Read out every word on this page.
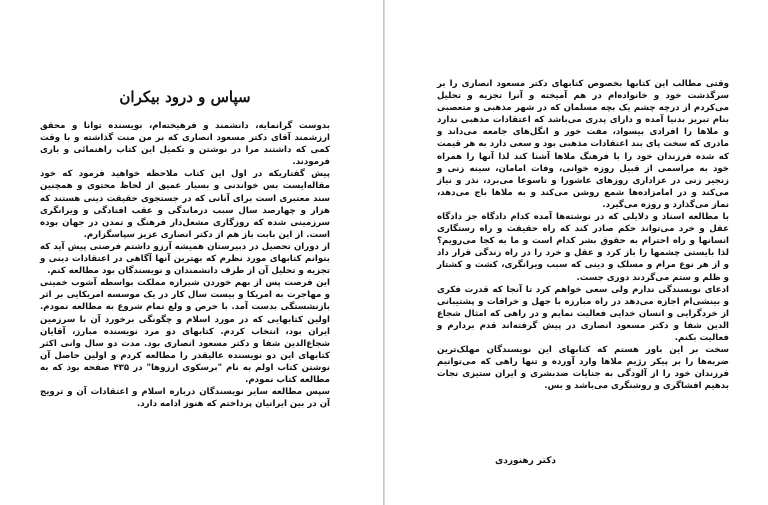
سپاس و درود بیکران

بدوست گرانمایه، دانشمند و فرهیخته‌ام، نویسنده توانا و محقق ارزشمند آقای دکتر مسعود انصاری که بر من منت گذاشته و با وقت کمی که داشتند مرا در نوشتن و تکمیل این کتاب راهنمائی و باری فرمودند.

پیش گفتاریکه در اول این کتاب ملاحظه خواهید فرمود که خود مقاله‌ایست بس خواندنی و بسیار عمیق از لحاظ محتوی و همچنین سند معتبری است برای آنانی که در جستجوی حقیقت دینی هستند که هزار و چهارصد سال سبب درماندگی و عقب افتادگی و ویرانگری سرزمینی شده که روزگاری مشعل‌دار فرهنگ و تمدن در جهان بوده است. از این بابت باز هم از دکتر انصاری عزیز سپاسگزارم.

از دوران تحصیل در دبیرستان همیشه آرزو داشتم فرصتی پیش آید که بتوانم کتابهای مورد نظرم که بهترین آنها آگاهی در اعتقادات دینی و تجزیه و تحلیل آن از طرف دانشمندان و نویسندگان بود مطالعه کنم.

این فرصت پس از بهم خوردن شیرازه مملکت بواسطه آشوب خمینی و مهاجرت به امریکا و بیست سال کار در یک موسسه امریکایی بر اثر بازنشستگی بدست آمد. با حرص و ولع تمام شروع به مطالعه نمودم. اولین کتابهایی که در مورد اسلام و چگونگی برخورد آن با سرزمین ایران بود، انتخاب کردم. کتابهای دو مرد نویسنده مبارز، آقایان شجاع‌الدین شفا و دکتر مسعود انصاری بود. مدت دو سال وانی اکثر کتابهای این دو نویسنده عالیقدر را مطالعه کردم و اولین حاصل آن نوشتن کتاب اولم به نام "برسکوی ارزوها" در ۴۳۵ صفحه بود که به مطالعه کتاب نمودم.

سپس مطالعه سایر نویسندگان درباره اسلام و اعتقادات آن و ترویج آن در بین ایرانیان پرداختم که هنوز ادامه دارد.

وقتی مطالب این کتابها بخصوص کتابهای دکتر مسعود انصاری را بر سرگذشت خود و خانواده‌ام در هم آمیخته و آنرا تجزیه و تحلیل می‌کردم از درچه چشم یک بچه مسلمان که در شهر مذهبی و متعصبی بنام تبریز بدنیا آمده و دارای پدری می‌باشد که اعتقادات مذهبی ندارد و ملاها را افرادی بیسواد، مفت خور و انگل‌های جامعه می‌داند و مادری که سخت پای بند اعتقادات مذهبی بود و سعی دارد به هر قیمت که شده فرزندان خود را با فرهنگ ملاها آشنا کند لذا آنها را همراه خود به مراسمی از قبیل روزه خوانی، وفات امامان، سینه زنی و زنجیر زنی در عزاداری روزهای عاشورا و تاسوعا می‌برد، نذر و نیاز می‌کند و در امامزاده‌ها شمع روشن می‌کند و به ملاها باج می‌دهد، نماز می‌گذارد و روزه می‌گیرد.

با مطالعه اسناد و دلایلی که در نوشته‌ها آمده کدام دادگاه جز دادگاه عقل و خرد می‌تواند حکم صادر کند که راه حقیقت و راه رستگاری انسانها و راه احترام به حقوق بشر کدام است و ما به کجا می‌رویم؟ لذا بایستی چشمها را باز کرد و عقل و خرد را در راه زندگی قرار داد و از هر نوع مرام و مسلک و دینی که سبب ویرانگری، کشت و کشتار و ظلم و ستم می‌گردند دوری جست.

ادعای نویسندگی ندارم ولی سعی خواهم کرد تا آنجا که قدرت فکری و بینشی‌ام اجازه می‌دهد در راه مبارزه با جهل و خرافات و پشتیبانی از خردگرایی و انسان خدایی فعالیت نمایم و در راهی که امثال شجاع الدین شفا و دکتر مسعود انصاری در پیش گرفته‌اند قدم بردارم و فعالیت بکنم.

سخت بر این باور هستم که کتابهای این نویسندگان مهلک‌ترین ضربه‌ها را بر پیکر رژیم ملاها وارد آورده و تنها راهی که می‌توانیم فرزندان خود را از آلودگی به جنایات ضدبشری و ایران ستیزی نجات بدهیم افشاگری و روشنگری می‌باشد و بس.

دکتر رهنوردی
